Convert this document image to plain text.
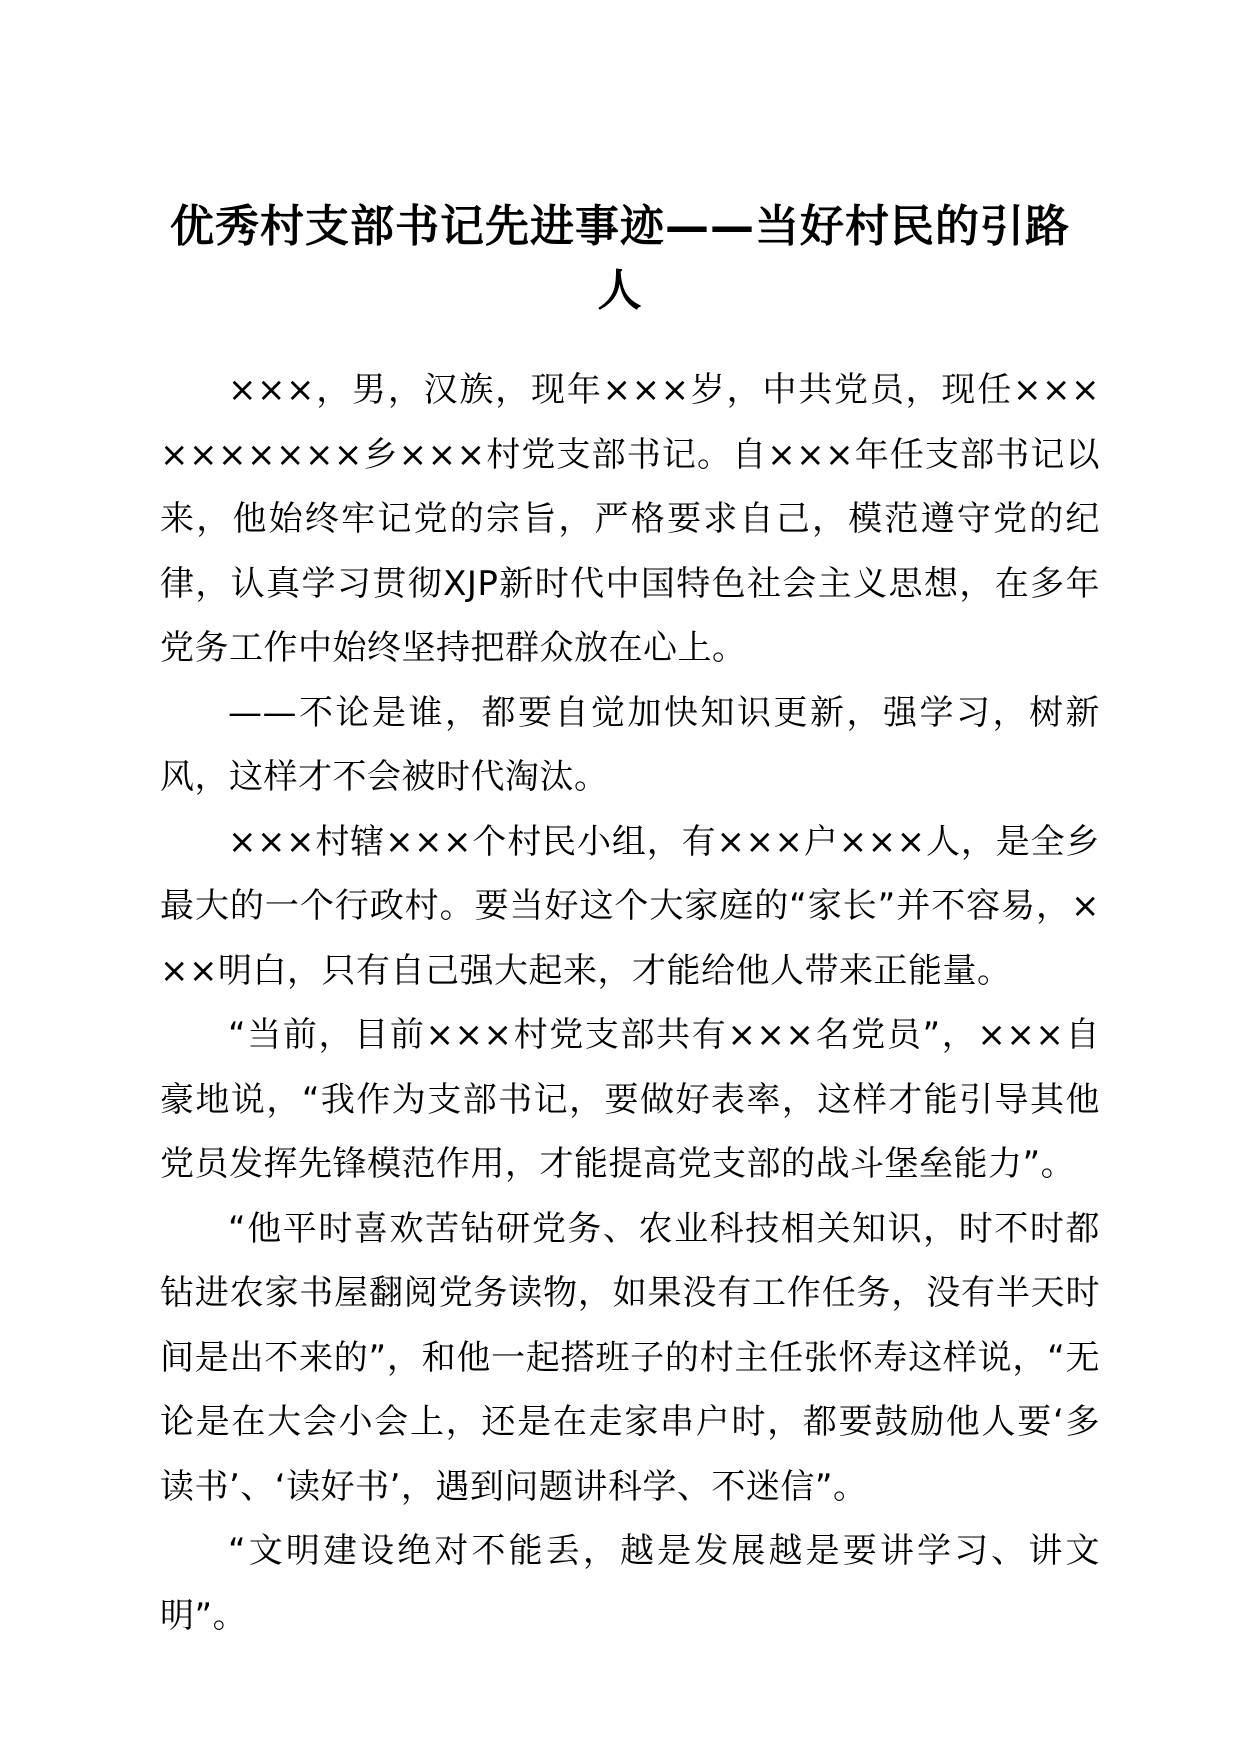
优秀村支部书记先进事迹——当好村民的引路人

×××，男，汉族，现年×××岁，中共党员，现任××××××××××乡×××村党支部书记。自×××年任支部书记以来，他始终牢记党的宗旨，严格要求自己，模范遵守党的纪律，认真学习贯彻XJP新时代中国特色社会主义思想，在多年党务工作中始终坚持把群众放在心上。

——不论是谁，都要自觉加快知识更新，强学习，树新风，这样才不会被时代淘汰。

×××村辖×××个村民小组，有×××户×××人，是全乡最大的一个行政村。要当好这个大家庭的“家长”并不容易，×××明白，只有自己强大起来，才能给他人带来正能量。

“当前，目前×××村党支部共有×××名党员”，×××自豪地说，“我作为支部书记，要做好表率，这样才能引导其他党员发挥先锋模范作用，才能提高党支部的战斗堡垒能力”。

“他平时喜欢苦钻研党务、农业科技相关知识，时不时都钻进农家书屋翻阅党务读物，如果没有工作任务，没有半天时间是出不来的”，和他一起搭班子的村主任张怀寿这样说，“无论是在大会小会上，还是在走家串户时，都要鼓励他人要‘多读书’、‘读好书’，遇到问题讲科学、不迷信”。

“文明建设绝对不能丢，越是发展越是要讲学习、讲文明”。
